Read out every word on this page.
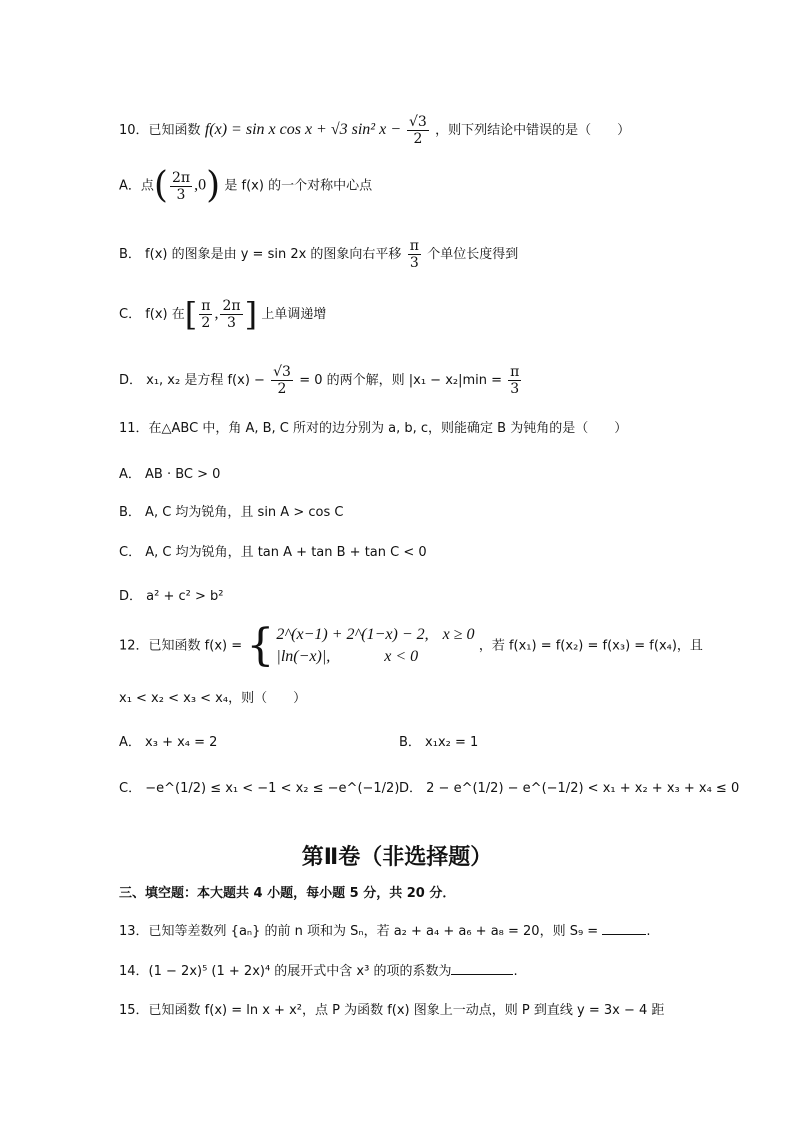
10．已知函数 f(x) = sin x cos x + √3 sin² $x - \frac{√3}{2}$ ，则下列结论中错误的是（　　）
A．点( $\frac{2\pi}{3} ,0$) 是 f(x) 的一个对称中心点
B． f(x) 的图象是由 y = sin 2x 的图象向右平移 $\frac{\pi}{3}$ 个单位长度得到
C． f(x) 在[ $\frac{\pi}{2}$ , $\frac{2\pi}{3}$ ] 上单调递增
D． x₁, x₂ 是方程 $f(x) - \frac{√3}{2} = 0$ 的两个解，则 $|x_1 - x_2|\min = \frac{\pi}{3}$
11．在△ABC 中，角 A, B, C 所对的边分别为 a, b, c，则能确定 B 为钝角的是（　　）
A． AB · BC > 0
B． A, C 均为锐角，且 sin A > cos C
C． A, C 均为锐角，且 tan A + tan B + tan C < 0
D． a² + c² > b²
12．已知函数 f(x) = { 2^(x−1) + 2^(1−x) − 2, x ≥ 0
|ln(−x)|,	x < 0
，若 f(x₁) = f(x₂) = f(x₃) = f(x₄)，且
x₁ < x₂ < x₃ < x₄，则（　　）
A． x₃ + x₄ = 2	B． x₁x₂ = 1
C． −e^(1/2) ≤ x₁ < −1 < x₂ ≤ −e^(−1/2) D． 2 − e^(1/2) − e^(−1/2) < x₁ + x₂ + x₃ + x₄ ≤ 0
第Ⅱ卷（非选择题）
三、填空题：本大题共 4 小题，每小题 5 分，共 20 分．
13．已知等差数列 {aₙ} 的前 n 项和为 Sₙ，若 a₂ + a₄ + a₆ + a₈ = 20，则 S₉ =	.
14．(1 − 2x)⁵ (1 + 2x)⁴ 的展开式中含 x³ 的项的系数为	.
15．已知函数 f(x) = ln x + x²，点 P 为函数 f(x) 图象上一动点，则 P 到直线 y = 3x − 4 距
